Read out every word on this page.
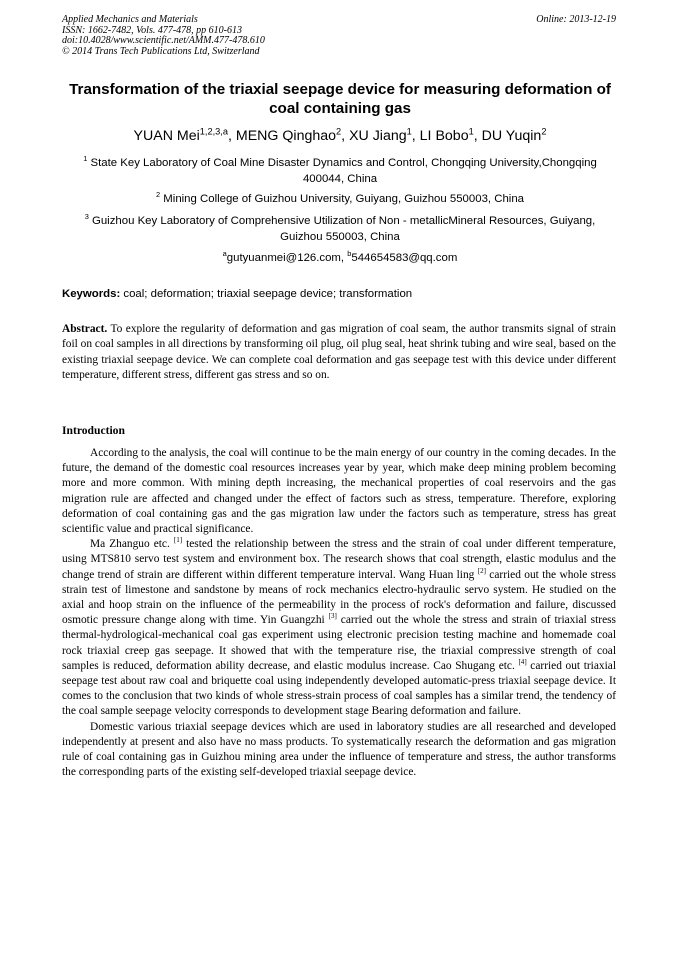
Applied Mechanics and Materials	Online: 2013-12-19
ISSN: 1662-7482, Vols. 477-478, pp 610-613
doi:10.4028/www.scientific.net/AMM.477-478.610
© 2014 Trans Tech Publications Ltd, Switzerland
Transformation of the triaxial seepage device for measuring deformation of coal containing gas
YUAN Mei$^{1,2,3,a}$, MENG Qinghao$^2$, XU Jiang$^1$, LI Bobo$^1$, DU Yuqin$^2$
$^1$ State Key Laboratory of Coal Mine Disaster Dynamics and Control, Chongqing University,Chongqing 400044, China
$^2$ Mining College of Guizhou University, Guiyang, Guizhou 550003, China
$^3$ Guizhou Key Laboratory of Comprehensive Utilization of Non - metallicMineral Resources, Guiyang, Guizhou 550003, China
$^a$gutyuanmei@126.com, $^b$544654583@qq.com
Keywords: coal; deformation; triaxial seepage device; transformation
Abstract. To explore the regularity of deformation and gas migration of coal seam, the author transmits signal of strain foil on coal samples in all directions by transforming oil plug, oil plug seal, heat shrink tubing and wire seal, based on the existing triaxial seepage device. We can complete coal deformation and gas seepage test with this device under different temperature, different stress, different gas stress and so on.
Introduction

According to the analysis, the coal will continue to be the main energy of our country in the coming decades. In the future, the demand of the domestic coal resources increases year by year, which make deep mining problem becoming more and more common. With mining depth increasing, the mechanical properties of coal reservoirs and the gas migration rule are affected and changed under the effect of factors such as stress, temperature. Therefore, exploring deformation of coal containing gas and the gas migration law under the factors such as temperature, stress has great scientific value and practical significance.

Ma Zhanguo etc. [1] tested the relationship between the stress and the strain of coal under different temperature, using MTS810 servo test system and environment box. The research shows that coal strength, elastic modulus and the change trend of strain are different within different temperature interval. Wang Huan ling [2] carried out the whole stress strain test of limestone and sandstone by means of rock mechanics electro-hydraulic servo system. He studied on the axial and hoop strain on the influence of the permeability in the process of rock's deformation and failure, discussed osmotic pressure change along with time. Yin Guangzhi [3] carried out the whole the stress and strain of triaxial stress thermal-hydrological-mechanical coal gas experiment using electronic precision testing machine and homemade coal rock triaxial creep gas seepage. It showed that with the temperature rise, the triaxial compressive strength of coal samples is reduced, deformation ability decrease, and elastic modulus increase. Cao Shugang etc. [4] carried out triaxial seepage test about raw coal and briquette coal using independently developed automatic-press triaxial seepage device. It comes to the conclusion that two kinds of whole stress-strain process of coal samples has a similar trend, the tendency of the coal sample seepage velocity corresponds to development stage Bearing deformation and failure.

Domestic various triaxial seepage devices which are used in laboratory studies are all researched and developed independently at present and also have no mass products. To systematically research the deformation and gas migration rule of coal containing gas in Guizhou mining area under the influence of temperature and stress, the author transforms the corresponding parts of the existing self-developed triaxial seepage device.
